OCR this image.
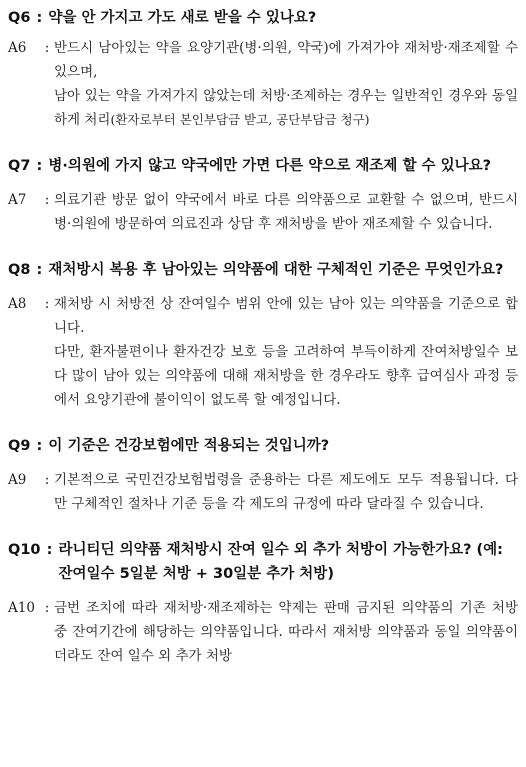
Q6 : 약을 안 가지고 가도 새로 받을 수 있나요?
A6	: 반드시 남아있는 약을 요양기관(병·의원, 약국)에 가져가야 재처방·재조제할 수 있으며,

남아 있는 약을 가져가지 않았는데 처방·조제하는 경우는 일반적인 경우와 동일하게 처리(환자로부터 본인부담금 받고, 공단부담금 청구)

Q7 : 병·의원에 가지 않고 약국에만 가면 다른 약으로 재조제 할 수 있나요?
A7	: 의료기관 방문 없이 약국에서 바로 다른 의약품으로 교환할 수 없으며, 반드시 병·의원에 방문하여 의료진과 상담 후 재처방을 받아 재조제할 수 있습니다.

Q8 : 재처방시 복용 후 남아있는 의약품에 대한 구체적인 기준은 무엇인가요?
A8	: 재처방 시 처방전 상 잔여일수 범위 안에 있는 남아 있는 의약품을 기준으로 합니다.

다만, 환자불편이나 환자건강 보호 등을 고려하여 부득이하게 잔여처방일수 보다 많이 남아 있는 의약품에 대해 재처방을 한 경우라도 향후 급여심사 과정 등에서 요양기관에 불이익이 없도록 할 예정입니다.

Q9 : 이 기준은 건강보험에만 적용되는 것입니까?
A9	: 기본적으로 국민건강보험법령을 준용하는 다른 제도에도 모두 적용됩니다. 다만 구체적인 절차나 기준 등을 각 제도의 규정에 따라 달라질 수 있습니다.

Q10 : 라니티딘 의약품 재처방시 잔여 일수 외 추가 처방이 가능한가요? (예: 잔여일수 5일분 처방 + 30일분 추가 처방)
A10 : 금번 조치에 따라 재처방·재조제하는 약제는 판매 금지된 의약품의 기존 처방 중 잔여기간에 해당하는 의약품입니다. 따라서 재처방 의약품과 동일 의약품이더라도 잔여 일수 외 추가 처방
